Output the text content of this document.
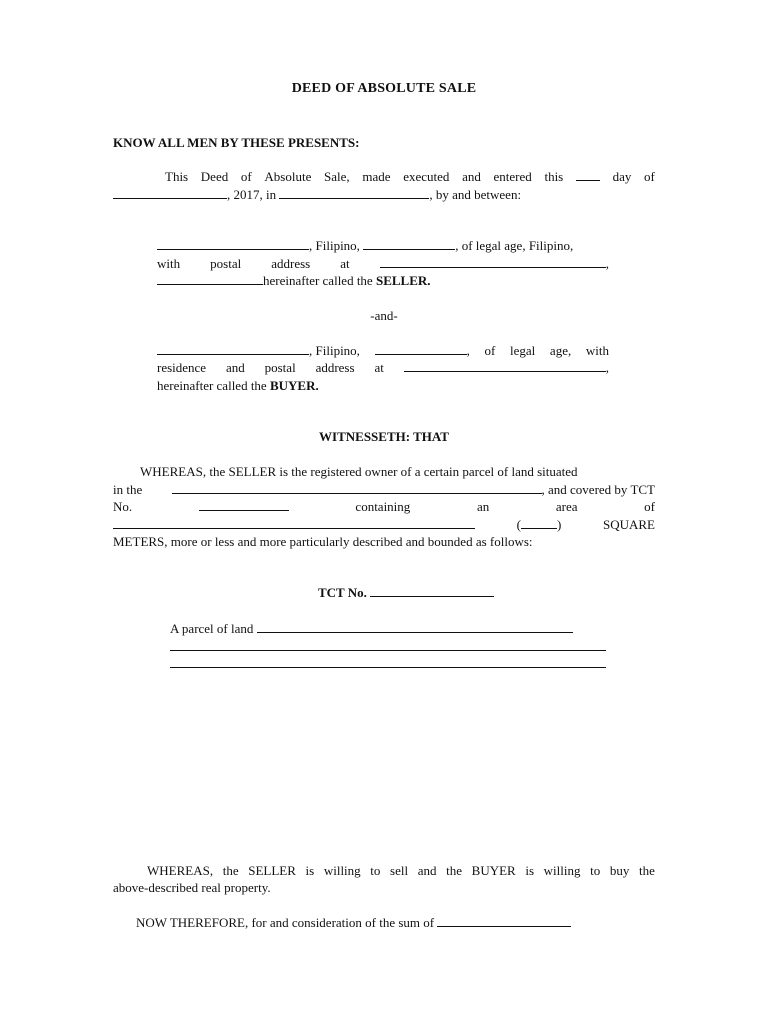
DEED OF ABSOLUTE SALE
KNOW ALL MEN BY THESE PRESENTS:
This Deed of Absolute Sale, made executed and entered this	day of
, 2017, in	, by and between:
, Filipino,	, of legal age, Filipino,
with postal address at	,
hereinafter called the SELLER.
-and-
, Filipino,	, of legal age, with
residence and postal address at	,
hereinafter called the BUYER.
WITNESSETH: THAT
WHEREAS, the SELLER is the registered owner of a certain parcel of land situated
in the	, and covered by TCT
No.	containing	an	area	of
(	)	SQUARE
METERS, more or less and more particularly described and bounded as follows:
TCT No.
A parcel of land
WHEREAS, the SELLER is willing to sell and the BUYER is willing to buy the
above-described real property.
NOW THEREFORE, for and consideration of the sum of
